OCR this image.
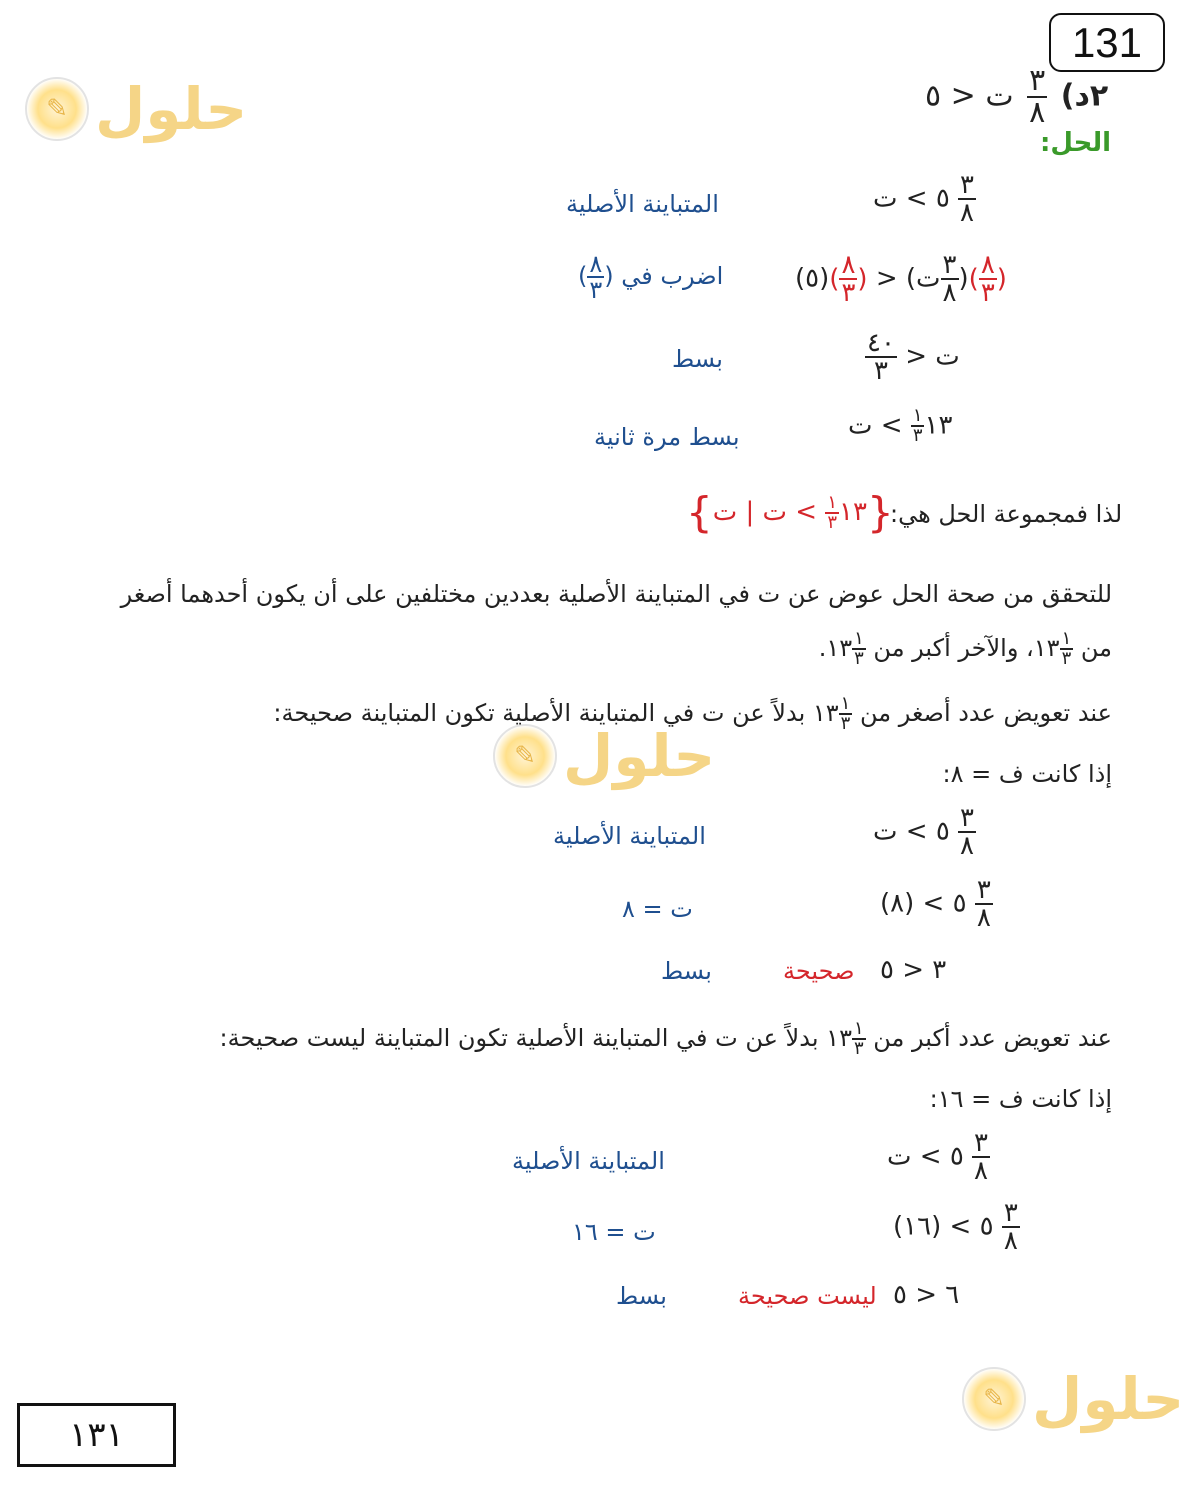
131
✎ حلول
✎ حلول
✎ حلول
ت < ٥ $\frac{٣}{٨}$ ٢د)
الحل:
٥ > ت $\frac{٣}{٨}$
المتباينة الأصلية
(٥)( $\frac{٨}{٣}$ ) > (ت $\frac{٣}{٨}$ )( $\frac{٨}{٣}$ )
( $\frac{٨}{٣}$ ) اضرب في
$\frac{٤٠}{٣}$ > ت
بسط
١٣
$\frac{١}{٣}$
> ت
بسط مرة ثانية
لذا فمجموعة الحل هي:
{	١٣
$\frac{١}{٣}$
> ت | ت	}
للتحقق من صحة الحل عوض عن ت في المتباينة الأصلية بعددين مختلفين على أن يكون أحدهما أصغر
من ١٣ $\frac{١}{٣}$
، والآخر أكبر من ١٣ $\frac{١}{٣}$
.
عند تعويض عدد أصغر من ١٣ $\frac{١}{٣}$
بدلاً عن ت في المتباينة الأصلية تكون المتباينة صحيحة:
إذا كانت ف = ٨:
٥ > ت $\frac{٣}{٨}$
المتباينة الأصلية
٥ > (٨) $\frac{٣}{٨}$
ت = ٨
٣ < ٥
صحيحة
بسط
عند تعويض عدد أكبر من ١٣ $\frac{١}{٣}$
بدلاً عن ت في المتباينة الأصلية تكون المتباينة ليست صحيحة:
إذا كانت ف = ١٦:
٥ > ت $\frac{٣}{٨}$
المتباينة الأصلية
٥ > (١٦) $\frac{٣}{٨}$
ت = ١٦
٦ < ٥
ليست صحيحة
بسط
١٣١
